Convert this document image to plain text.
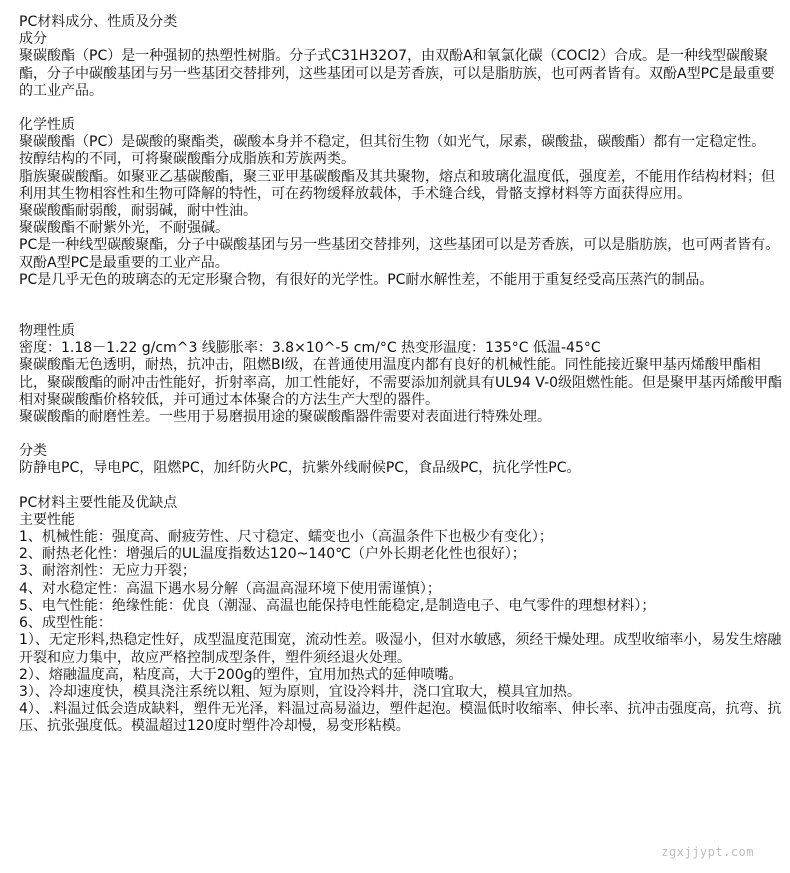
PC材料成分、性质及分类

成分

聚碳酸酯（PC）是一种强韧的热塑性树脂。分子式C31H32O7，由双酚A和氧氯化碳（COCl2）合成。是一种线型碳酸聚酯，分子中碳酸基团与另一些基团交替排列，这些基团可以是芳香族，可以是脂肪族，也可两者皆有。双酚A型PC是最重要的工业产品。

化学性质

聚碳酸酯（PC）是碳酸的聚酯类，碳酸本身并不稳定，但其衍生物（如光气，尿素，碳酸盐，碳酸酯）都有一定稳定性。

按醇结构的不同，可将聚碳酸酯分成脂族和芳族两类。

脂族聚碳酸酯。如聚亚乙基碳酸酯，聚三亚甲基碳酸酯及其共聚物，熔点和玻璃化温度低，强度差，不能用作结构材料；但利用其生物相容性和生物可降解的特性，可在药物缓释放载体，手术缝合线，骨骼支撑材料等方面获得应用。

聚碳酸酯耐弱酸，耐弱碱，耐中性油。

聚碳酸酯不耐紫外光，不耐强碱。

PC是一种线型碳酸聚酯，分子中碳酸基团与另一些基团交替排列，这些基团可以是芳香族，可以是脂肪族，也可两者皆有。双酚A型PC是最重要的工业产品。

PC是几乎无色的玻璃态的无定形聚合物，有很好的光学性。PC耐水解性差，不能用于重复经受高压蒸汽的制品。

物理性质

密度：1.18－1.22 g/cm^3 线膨胀率：3.8×10^-5 cm/°C 热变形温度：135°C 低温-45°C

聚碳酸酯无色透明，耐热，抗冲击，阻燃BI级，在普通使用温度内都有良好的机械性能。同性能接近聚甲基丙烯酸甲酯相比，聚碳酸酯的耐冲击性能好，折射率高，加工性能好，不需要添加剂就具有UL94 V-0级阻燃性能。但是聚甲基丙烯酸甲酯相对聚碳酸酯价格较低，并可通过本体聚合的方法生产大型的器件。

聚碳酸酯的耐磨性差。一些用于易磨损用途的聚碳酸酯器件需要对表面进行特殊处理。

分类

防静电PC，导电PC，阻燃PC，加纤防火PC，抗紫外线耐候PC，食品级PC，抗化学性PC。

PC材料主要性能及优缺点

主要性能

1、机械性能：强度高、耐疲劳性、尺寸稳定、蠕变也小（高温条件下也极少有变化）；

2、耐热老化性：增强后的UL温度指数达120~140℃（户外长期老化性也很好）；

3、耐溶剂性：无应力开裂；

4、对水稳定性：高温下遇水易分解（高温高湿环境下使用需谨慎）；

5、电气性能：绝缘性能：优良（潮湿、高温也能保持电性能稳定,是制造电子、电气零件的理想材料）；

6、成型性能：

1）、无定形料,热稳定性好，成型温度范围宽，流动性差。吸湿小，但对水敏感，须经干燥处理。成型收缩率小，易发生熔融开裂和应力集中，故应严格控制成型条件，塑件须经退火处理。

2）、熔融温度高，粘度高，大于200g的塑件，宜用加热式的延伸喷嘴。

3）、冷却速度快，模具浇注系统以粗、短为原则，宜设冷料井，浇口宜取大，模具宜加热。

4）、.料温过低会造成缺料，塑件无光泽，料温过高易溢边，塑件起泡。模温低时收缩率、伸长率、抗冲击强度高，抗弯、抗压、抗张强度低。模温超过120度时塑件冷却慢，易变形粘模。

zgxjjypt.com
